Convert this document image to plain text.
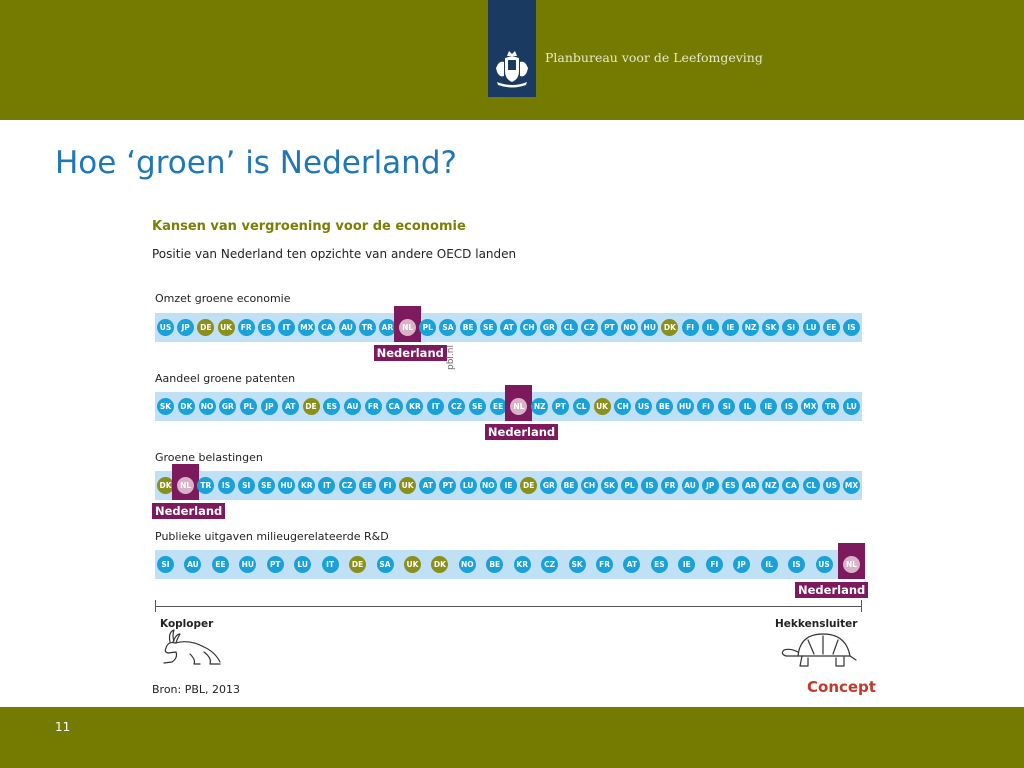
Planbureau voor de Leefomgeving
Hoe ‘groen’ is Nederland?
Kansen van vergroening voor de economie
Positie van Nederland ten opzichte van andere OECD landen
Omzet groene economie
US	JP	DE	UK	FR	ES	IT	MX	CA	AU	TR	AR
Nederland
NL	PL	SA	BE	SE	AT	CH	GR	CL	CZ	PT	NO	HU	DK	FI	IL	IE	NZ	SK	SI	LU	EE	IS
Aandeel groene patenten
SK	DK	NO	GR	PL	JP	AT	DE	ES	AU	FR	CA	KR	IT	CZ	SE	EE
Nederland
NL	NZ	PT	CL	UK	CH	US	BE	HU	FI	SI	IL	IE	IS	MX	TR	LU
Groene belastingen
DK
Nederland
NL	TR	IS	SI	SE	HU	KR	IT	CZ	EE	FI	UK	AT	PT	LU	NO	IE	DE	GR	BE	CH	SK	PL	IS	FR	AU	JP	ES	AR	NZ	CA	CL	US	MX
Publieke uitgaven milieugerelateerde R&D
SI	AU	EE	HU	PT	LU	IT	DE	SA	UK	DK	NO	BE	KR	CZ	SK	FR	AT	ES	IE	FI	JP	IL	IS	US
Nederland
NL
pbl.nl
Koploper	Hekkensluiter
Bron: PBL, 2013	Concept
11
